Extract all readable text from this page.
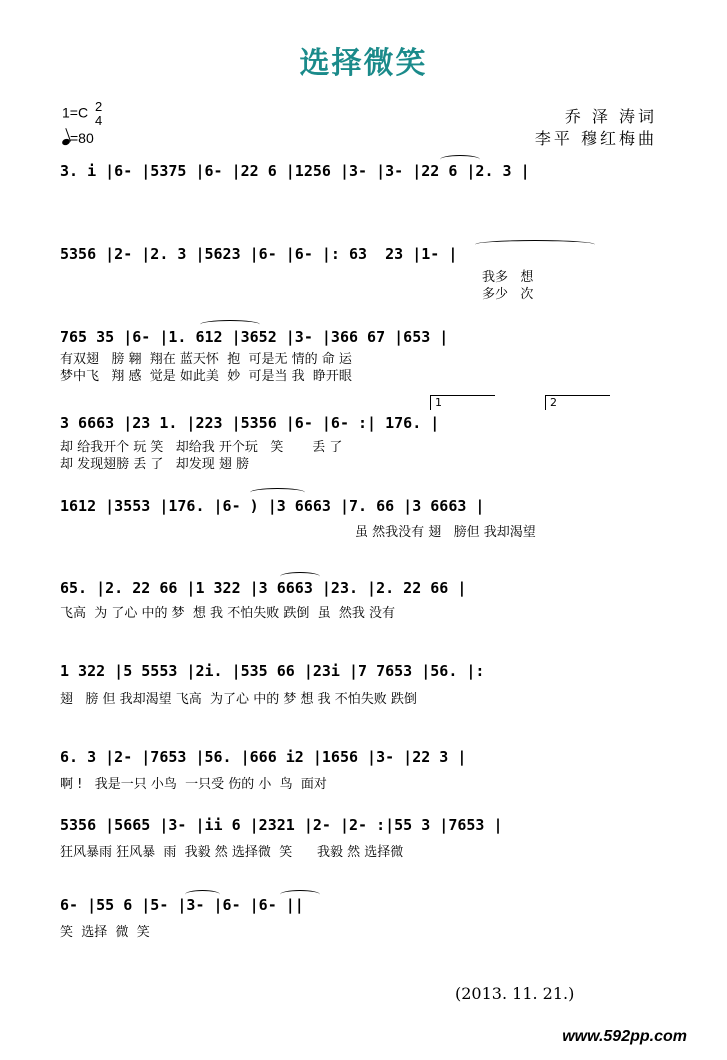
选择微笑
1=C 2
4
=80
乔 泽 涛词
李平 穆红梅曲
3. i |6- |5375 |6- |22 6 |1256 |3- |3- |22 6 |2. 3 |
5356 |2- |2. 3 |5623 |6- |6- |: 63  23 |1- |
我多   想
多少   次
765 35 |6- |1. 612 |3652 |3- |366 67 |653 |
有双翅   膀 翱  翔在 蓝天怀  抱  可是无 情的 命 运
梦中飞   翔 感  觉是 如此美  妙  可是当 我  睁开眼
3 6663 |23 1. |223 |5356 |6- |6- :| 176. |
却 给我开个 玩 笑   却给我 开个玩   笑       丢 了
却 发现翅膀 丢 了   却发现 翅 膀
1612 |3553 |176. |6- ) |3 6663 |7. 66 |3 6663 |
虽 然我没有 翅   膀但 我却渴望
65. |2. 22 66 |1 322 |3 6663 |23. |2. 22 66 |
飞高  为 了心 中的 梦  想 我 不怕失败 跌倒  虽  然我 没有
1 322 |5 5553 |2i. |535 66 |23i |7 7653 |56. |:
翅   膀 但 我却渴望 飞高  为了心 中的 梦 想 我 不怕失败 跌倒
6. 3 |2- |7653 |56. |666 i2 |1656 |3- |22 3 |
啊 !   我是一只 小鸟  一只受 伤的 小  鸟  面对
5356 |5665 |3- |ii 6 |2321 |2- |2- :|55 3 |7653 |
狂风暴雨 狂风暴  雨  我毅 然 选择微  笑      我毅 然 选择微
6- |55 6 |5- |3- |6- |6- ||
笑  选择  微  笑
1	2
(2013. 11. 21.)
www.592pp.com
